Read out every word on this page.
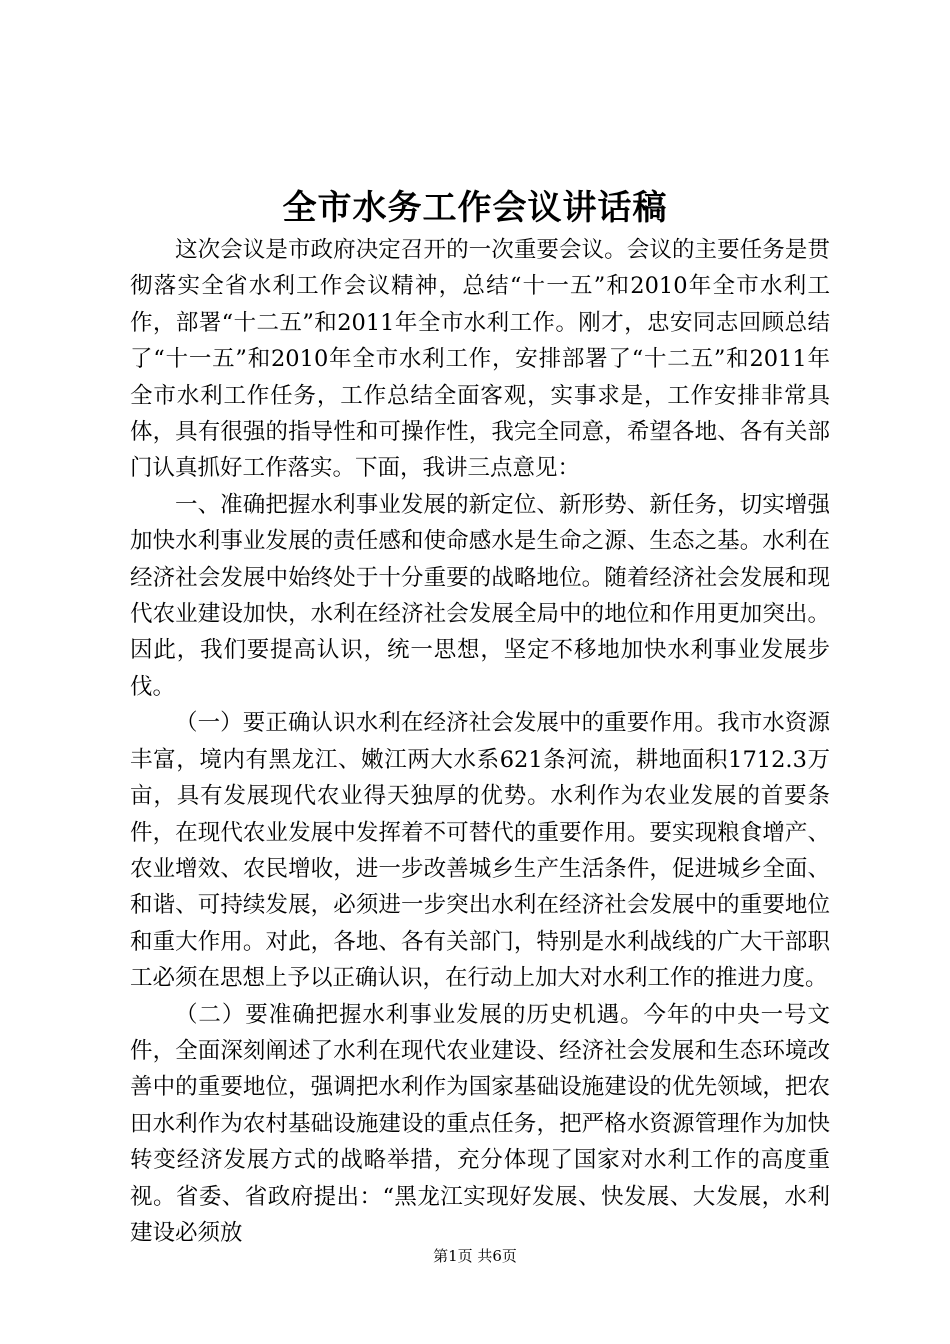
全市水务工作会议讲话稿

这次会议是市政府决定召开的一次重要会议。会议的主要任务是贯彻落实全省水利工作会议精神，总结“十一五”和2010年全市水利工作，部署“十二五”和2011年全市水利工作。刚才，忠安同志回顾总结了“十一五”和2010年全市水利工作，安排部署了“十二五”和2011年全市水利工作任务，工作总结全面客观，实事求是，工作安排非常具体，具有很强的指导性和可操作性，我完全同意，希望各地、各有关部门认真抓好工作落实。下面，我讲三点意见：

一、准确把握水利事业发展的新定位、新形势、新任务，切实增强加快水利事业发展的责任感和使命感水是生命之源、生态之基。水利在经济社会发展中始终处于十分重要的战略地位。随着经济社会发展和现代农业建设加快，水利在经济社会发展全局中的地位和作用更加突出。因此，我们要提高认识，统一思想，坚定不移地加快水利事业发展步伐。

（一）要正确认识水利在经济社会发展中的重要作用。我市水资源丰富，境内有黑龙江、嫩江两大水系621条河流，耕地面积1712.3万亩，具有发展现代农业得天独厚的优势。水利作为农业发展的首要条件，在现代农业发展中发挥着不可替代的重要作用。要实现粮食增产、农业增效、农民增收，进一步改善城乡生产生活条件，促进城乡全面、和谐、可持续发展，必须进一步突出水利在经济社会发展中的重要地位和重大作用。对此，各地、各有关部门，特别是水利战线的广大干部职工必须在思想上予以正确认识，在行动上加大对水利工作的推进力度。

（二）要准确把握水利事业发展的历史机遇。今年的中央一号文件，全面深刻阐述了水利在现代农业建设、经济社会发展和生态环境改善中的重要地位，强调把水利作为国家基础设施建设的优先领域，把农田水利作为农村基础设施建设的重点任务，把严格水资源管理作为加快转变经济发展方式的战略举措，充分体现了国家对水利工作的高度重视。省委、省政府提出：“黑龙江实现好发展、快发展、大发展，水利建设必须放

第1页 共6页
